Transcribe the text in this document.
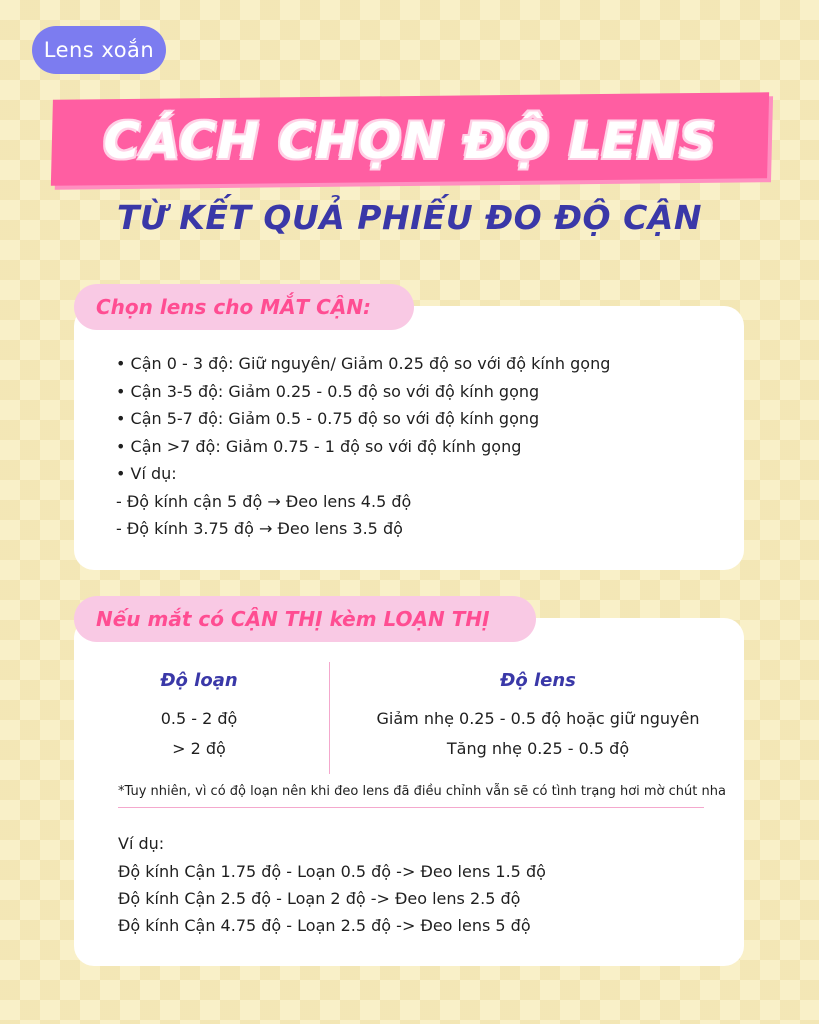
Lens xoắn
CÁCH CHỌN ĐỘ LENS
TỪ KẾT QUẢ PHIẾU ĐO ĐỘ CẬN
Chọn lens cho MẮT CẬN:
• Cận 0 - 3 độ: Giữ nguyên/ Giảm 0.25 độ so với độ kính gọng
• Cận 3-5 độ: Giảm 0.25 - 0.5 độ so với độ kính gọng
• Cận 5-7 độ: Giảm 0.5 - 0.75 độ so với độ kính gọng
• Cận >7 độ: Giảm 0.75 - 1 độ so với độ kính gọng
• Ví dụ:
- Độ kính cận 5 độ → Đeo lens 4.5 độ
- Độ kính 3.75 độ → Đeo lens 3.5 độ
Nếu mắt có CẬN THỊ kèm LOẠN THỊ
Độ loạn	Độ lens
0.5 - 2 độ	Giảm nhẹ 0.25 - 0.5 độ hoặc giữ nguyên
> 2 độ	Tăng nhẹ 0.25 - 0.5 độ
*Tuy nhiên, vì có độ loạn nên khi đeo lens đã điều chỉnh vẫn sẽ có tình trạng hơi mờ chút nha
Ví dụ:
Độ kính Cận 1.75 độ - Loạn 0.5 độ -> Đeo lens 1.5 độ
Độ kính Cận 2.5 độ - Loạn 2 độ -> Đeo lens 2.5 độ
Độ kính Cận 4.75 độ - Loạn 2.5 độ -> Đeo lens 5 độ
